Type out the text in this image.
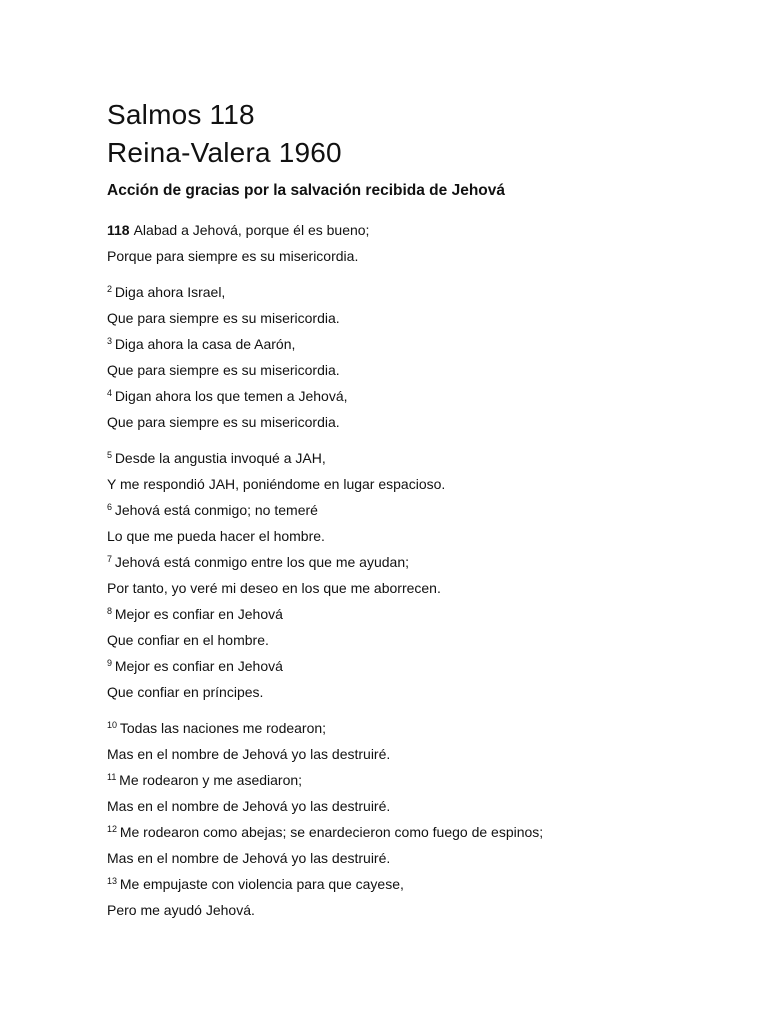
Salmos 118
Reina-Valera 1960
Acción de gracias por la salvación recibida de Jehová
118 Alabad a Jehová, porque él es bueno;
Porque para siempre es su misericordia.
$^2$ Diga ahora Israel,
Que para siempre es su misericordia.
$^3$ Diga ahora la casa de Aarón,
Que para siempre es su misericordia.
$^4$ Digan ahora los que temen a Jehová,
Que para siempre es su misericordia.
$^5$ Desde la angustia invoqué a JAH,
Y me respondió JAH, poniéndome en lugar espacioso.
$^6$ Jehová está conmigo; no temeré
Lo que me pueda hacer el hombre.
$^7$ Jehová está conmigo entre los que me ayudan;
Por tanto, yo veré mi deseo en los que me aborrecen.
$^8$ Mejor es confiar en Jehová
Que confiar en el hombre.
$^9$ Mejor es confiar en Jehová
Que confiar en príncipes.
$^{10}$ Todas las naciones me rodearon;
Mas en el nombre de Jehová yo las destruiré.
$^{11}$ Me rodearon y me asediaron;
Mas en el nombre de Jehová yo las destruiré.
$^{12}$ Me rodearon como abejas; se enardecieron como fuego de espinos;
Mas en el nombre de Jehová yo las destruiré.
$^{13}$ Me empujaste con violencia para que cayese,
Pero me ayudó Jehová.
